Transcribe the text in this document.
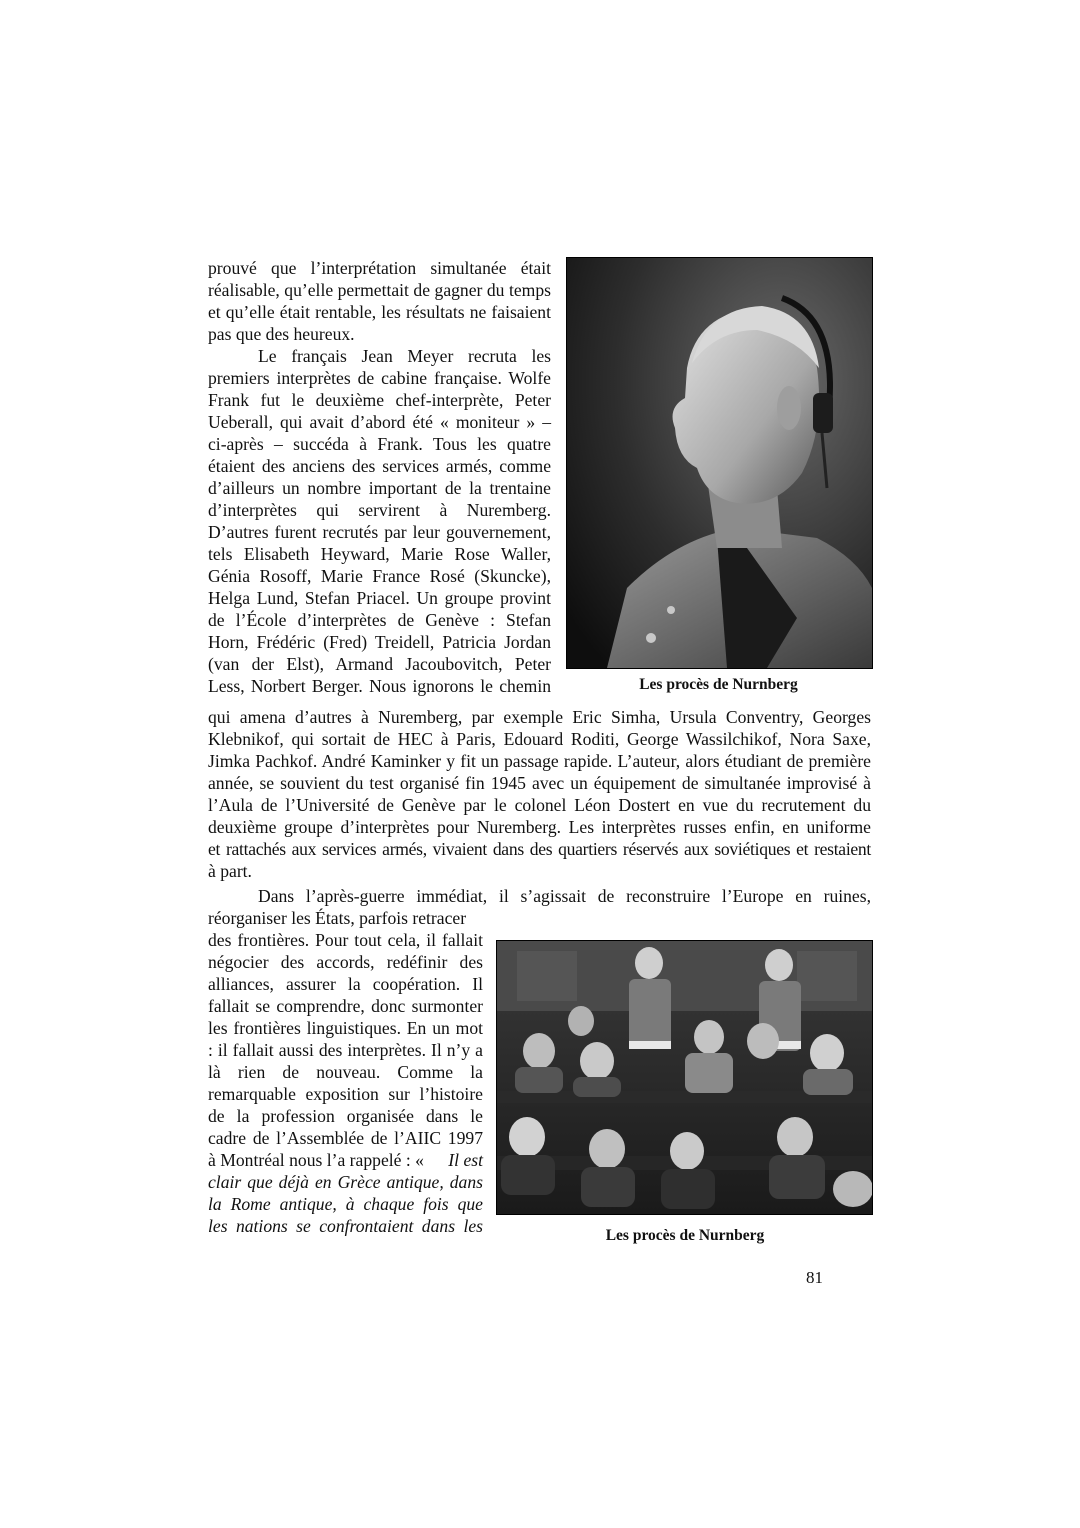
prouvé que l’interprétation simultanée était
réalisable, qu’elle permettait de gagner du temps
et qu’elle était rentable, les résultats ne faisaient
pas que des heureux.
Le français Jean Meyer recruta les
premiers interprètes de cabine française. Wolfe
Frank fut le deuxième chef-interprète, Peter
Ueberall, qui avait d’abord été « moniteur » –
ci-après – succéda à Frank. Tous les quatre
étaient des anciens des services armés, comme
d’ailleurs un nombre important de la trentaine
d’interprètes qui servirent à Nuremberg.
D’autres furent recrutés par leur gouvernement,
tels Elisabeth Heyward, Marie Rose Waller,
Génia Rosoff, Marie France Rosé (Skuncke),
Helga Lund, Stefan Priacel. Un groupe provint
de l’École d’interprètes de Genève : Stefan
Horn, Frédéric (Fred) Treidell, Patricia Jordan
(van der Elst), Armand Jacoubovitch, Peter
Less, Norbert Berger. Nous ignorons le chemin	Les procès de Nurnberg
qui amena d’autres à Nuremberg, par exemple Eric Simha, Ursula Conventry, Georges
Klebnikof, qui sortait de HEC à Paris, Edouard Roditi, George Wassilchikof, Nora Saxe,
Jimka Pachkof. André Kaminker y fit un passage rapide. L’auteur, alors étudiant de première
année, se souvient du test organisé fin 1945 avec un équipement de simultanée improvisé à
l’Aula de l’Université de Genève par le colonel Léon Dostert en vue du recrutement du
deuxième groupe d’interprètes pour Nuremberg. Les interprètes russes enfin, en uniforme
et rattachés aux services armés, vivaient dans des quartiers réservés aux soviétiques et restaient
à part.
Dans l’après-guerre immédiat, il s’agissait de reconstruire l’Europe en ruines,
réorganiser les États, parfois retracer
des frontières. Pour tout cela, il fallait
négocier des accords, redéfinir des
alliances, assurer la coopération. Il
fallait se comprendre, donc surmonter
les frontières linguistiques. En un mot
: il fallait aussi des interprètes. Il n’y a
là rien de nouveau. Comme la
remarquable exposition sur l’histoire
de la profession organisée dans le
cadre de l’Assemblée de l’AIIC 1997
à Montréal nous l’a rappelé : « Il est
clair que déjà en Grèce antique, dans
la Rome antique, à chaque fois que
les nations se confrontaient dans les	Les procès de Nurnberg
81
